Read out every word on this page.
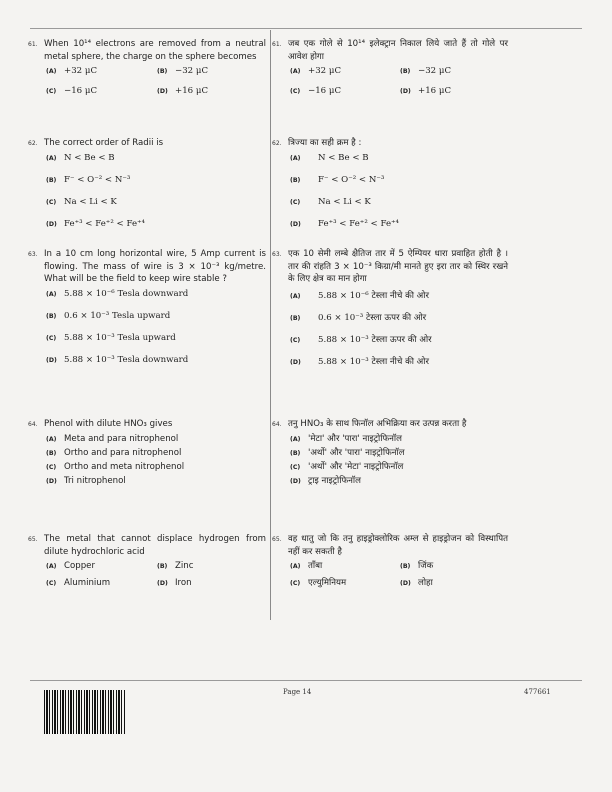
61. When 10¹⁴ electrons are removed from a neutral metal sphere, the charge on the sphere becomes
(A) +32 μC	(B) −32 μC
(C) −16 μC	(D) +16 μC
61. जब एक गोले से 10¹⁴ इलेक्ट्रान निकाल लिये जाते हैं तो गोले पर आवेश होगा
(A) +32 μC	(B) −32 μC
(C) −16 μC	(D) +16 μC
62. The correct order of Radii is
(A) N < Be < B
(B) F⁻ < O⁻² < N⁻³
(C) Na < Li < K
(D) Fe⁺³ < Fe⁺² < Fe⁺⁴
62. त्रिज्या का सही क्रम है :
(A) N < Be < B
(B) F⁻ < O⁻² < N⁻³
(C) Na < Li < K
(D) Fe⁺³ < Fe⁺² < Fe⁺⁴
63. In a 10 cm long horizontal wire, 5 Amp current is flowing. The mass of wire is 3 × 10⁻³ kg/metre. What will be the field to keep wire stable ?
(A) 5.88 × 10⁻⁶ Tesla downward
(B) 0.6 × 10⁻³ Tesla upward
(C) 5.88 × 10⁻³ Tesla upward
(D) 5.88 × 10⁻³ Tesla downward
63. एक 10 सेमी लम्बे क्षैतिज तार में 5 ऐम्पियर धारा प्रवाहित होती है । तार की रांहति 3 × 10⁻³ किग्रा/मी मानते हुए इरा तार को स्थिर रखने के लिए क्षेत्र का मान होगा
(A) 5.88 × 10⁻⁶ टेस्ला नीचे की ओर
(B) 0.6 × 10⁻³ टेस्ला ऊपर की ओर
(C) 5.88 × 10⁻³ टेस्ला ऊपर की ओर
(D) 5.88 × 10⁻³ टेस्ला नीचे की ओर
64. Phenol with dilute HNO₃ gives
(A) Meta and para nitrophenol
(B) Ortho and para nitrophenol
(C) Ortho and meta nitrophenol
(D) Tri nitrophenol
64. तनु HNO₃ के साथ फिनॉल अभिक्रिया कर उत्पन्न करता है
(A) 'मेटा' और 'पारा' नाइट्रोफिनॉल
(B) 'अर्थो' और 'पारा' नाइट्रोफिनॉल
(C) 'अर्थो' और 'मेटा' नाइट्रोफिनॉल
(D) ट्राइ नाइट्रोफिनॉल
65. The metal that cannot displace hydrogen from dilute hydrochloric acid
(A) Copper	(B) Zinc
(C) Aluminium	(D) Iron
65. वह धातु जो कि तनु हाइड्रोक्लोरिक अम्ल से हाइड्रोजन को विस्थापित नहीं कर सकती है
(A) ताँबा	(B) जिंक
(C) एल्युमिनियम	(D) लोहा
Page 14	477661
